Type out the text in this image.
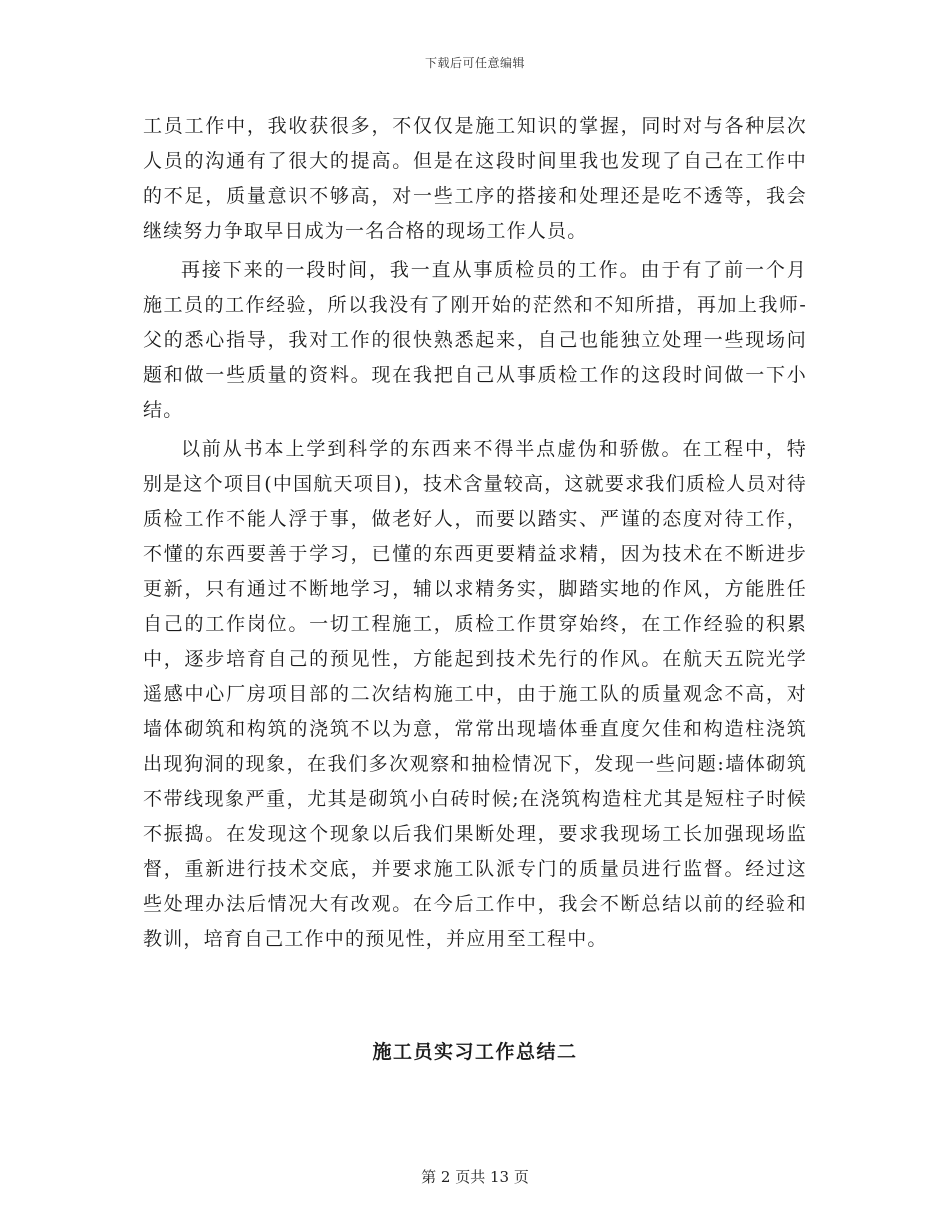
下载后可任意编辑

工员工作中，我收获很多，不仅仅是施工知识的掌握，同时对与各种层次人员的沟通有了很大的提高。但是在这段时间里我也发现了自己在工作中的不足，质量意识不够高，对一些工序的搭接和处理还是吃不透等，我会继续努力争取早日成为一名合格的现场工作人员。

再接下来的一段时间，我一直从事质检员的工作。由于有了前一个月施工员的工作经验，所以我没有了刚开始的茫然和不知所措，再加上我师-父的悉心指导，我对工作的很快熟悉起来，自己也能独立处理一些现场问题和做一些质量的资料。现在我把自己从事质检工作的这段时间做一下小结。

以前从书本上学到科学的东西来不得半点虚伪和骄傲。在工程中，特别是这个项目(中国航天项目)，技术含量较高，这就要求我们质检人员对待质检工作不能人浮于事，做老好人，而要以踏实、严谨的态度对待工作，不懂的东西要善于学习，已懂的东西更要精益求精，因为技术在不断进步更新，只有通过不断地学习，辅以求精务实，脚踏实地的作风，方能胜任自己的工作岗位。一切工程施工，质检工作贯穿始终，在工作经验的积累中，逐步培育自己的预见性，方能起到技术先行的作风。在航天五院光学遥感中心厂房项目部的二次结构施工中，由于施工队的质量观念不高，对墙体砌筑和构筑的浇筑不以为意，常常出现墙体垂直度欠佳和构造柱浇筑出现狗洞的现象，在我们多次观察和抽检情况下，发现一些问题:墙体砌筑不带线现象严重，尤其是砌筑小白砖时候;在浇筑构造柱尤其是短柱子时候不振捣。在发现这个现象以后我们果断处理，要求我现场工长加强现场监督，重新进行技术交底，并要求施工队派专门的质量员进行监督。经过这些处理办法后情况大有改观。在今后工作中，我会不断总结以前的经验和教训，培育自己工作中的预见性，并应用至工程中。

施工员实习工作总结二
第 2 页共 13 页
